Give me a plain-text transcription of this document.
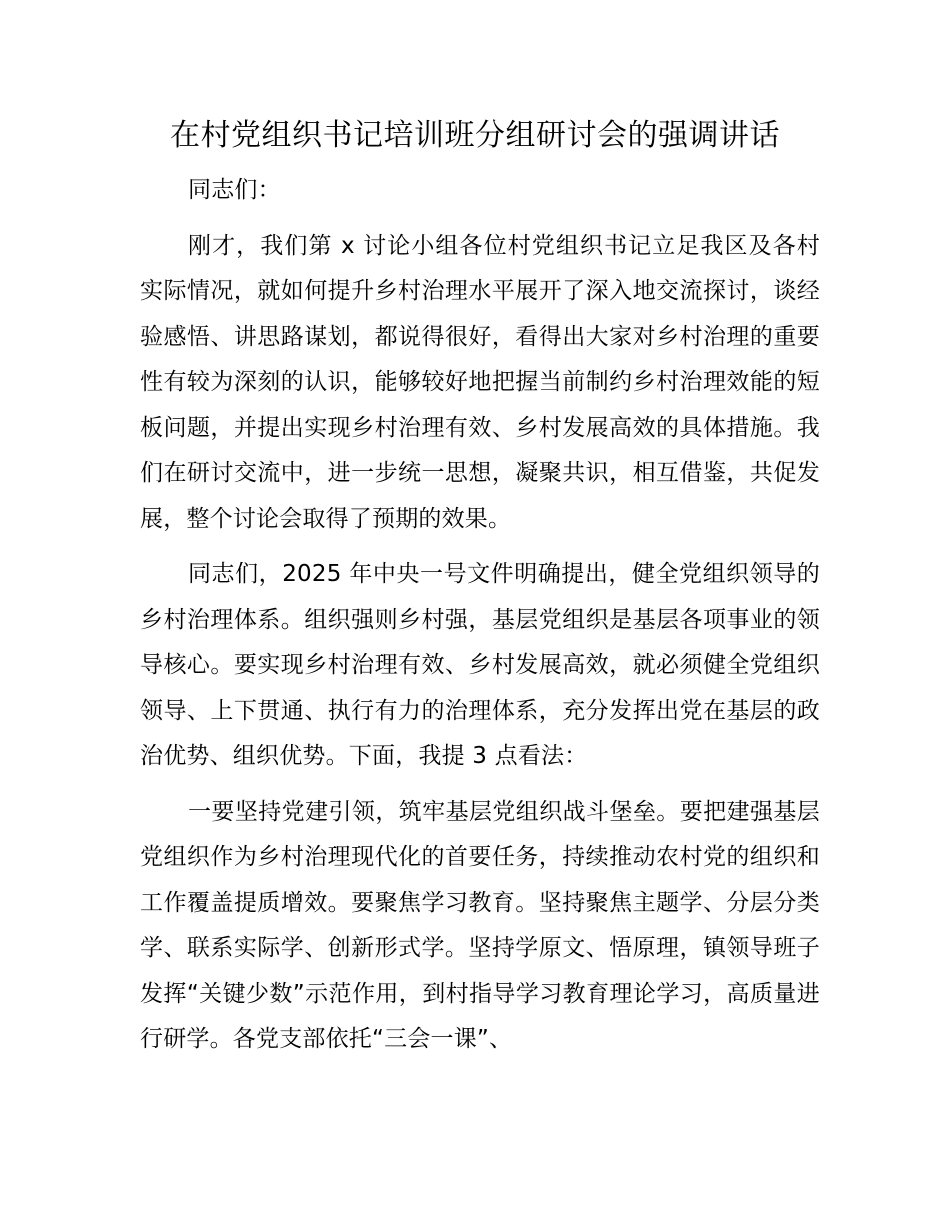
在村党组织书记培训班分组研讨会的强调讲话

同志们：

刚才，我们第 x 讨论小组各位村党组织书记立足我区及各村实际情况，就如何提升乡村治理水平展开了深入地交流探讨，谈经验感悟、讲思路谋划，都说得很好，看得出大家对乡村治理的重要性有较为深刻的认识，能够较好地把握当前制约乡村治理效能的短板问题，并提出实现乡村治理有效、乡村发展高效的具体措施。我们在研讨交流中，进一步统一思想，凝聚共识，相互借鉴，共促发展，整个讨论会取得了预期的效果。

同志们，2025 年中央一号文件明确提出，健全党组织领导的乡村治理体系。组织强则乡村强，基层党组织是基层各项事业的领导核心。要实现乡村治理有效、乡村发展高效，就必须健全党组织领导、上下贯通、执行有力的治理体系，充分发挥出党在基层的政治优势、组织优势。下面，我提 3 点看法：

一要坚持党建引领，筑牢基层党组织战斗堡垒。要把建强基层党组织作为乡村治理现代化的首要任务，持续推动农村党的组织和工作覆盖提质增效。要聚焦学习教育。坚持聚焦主题学、分层分类学、联系实际学、创新形式学。坚持学原文、悟原理，镇领导班子发挥“关键少数”示范作用，到村指导学习教育理论学习，高质量进行研学。各党支部依托“三会一课”、
